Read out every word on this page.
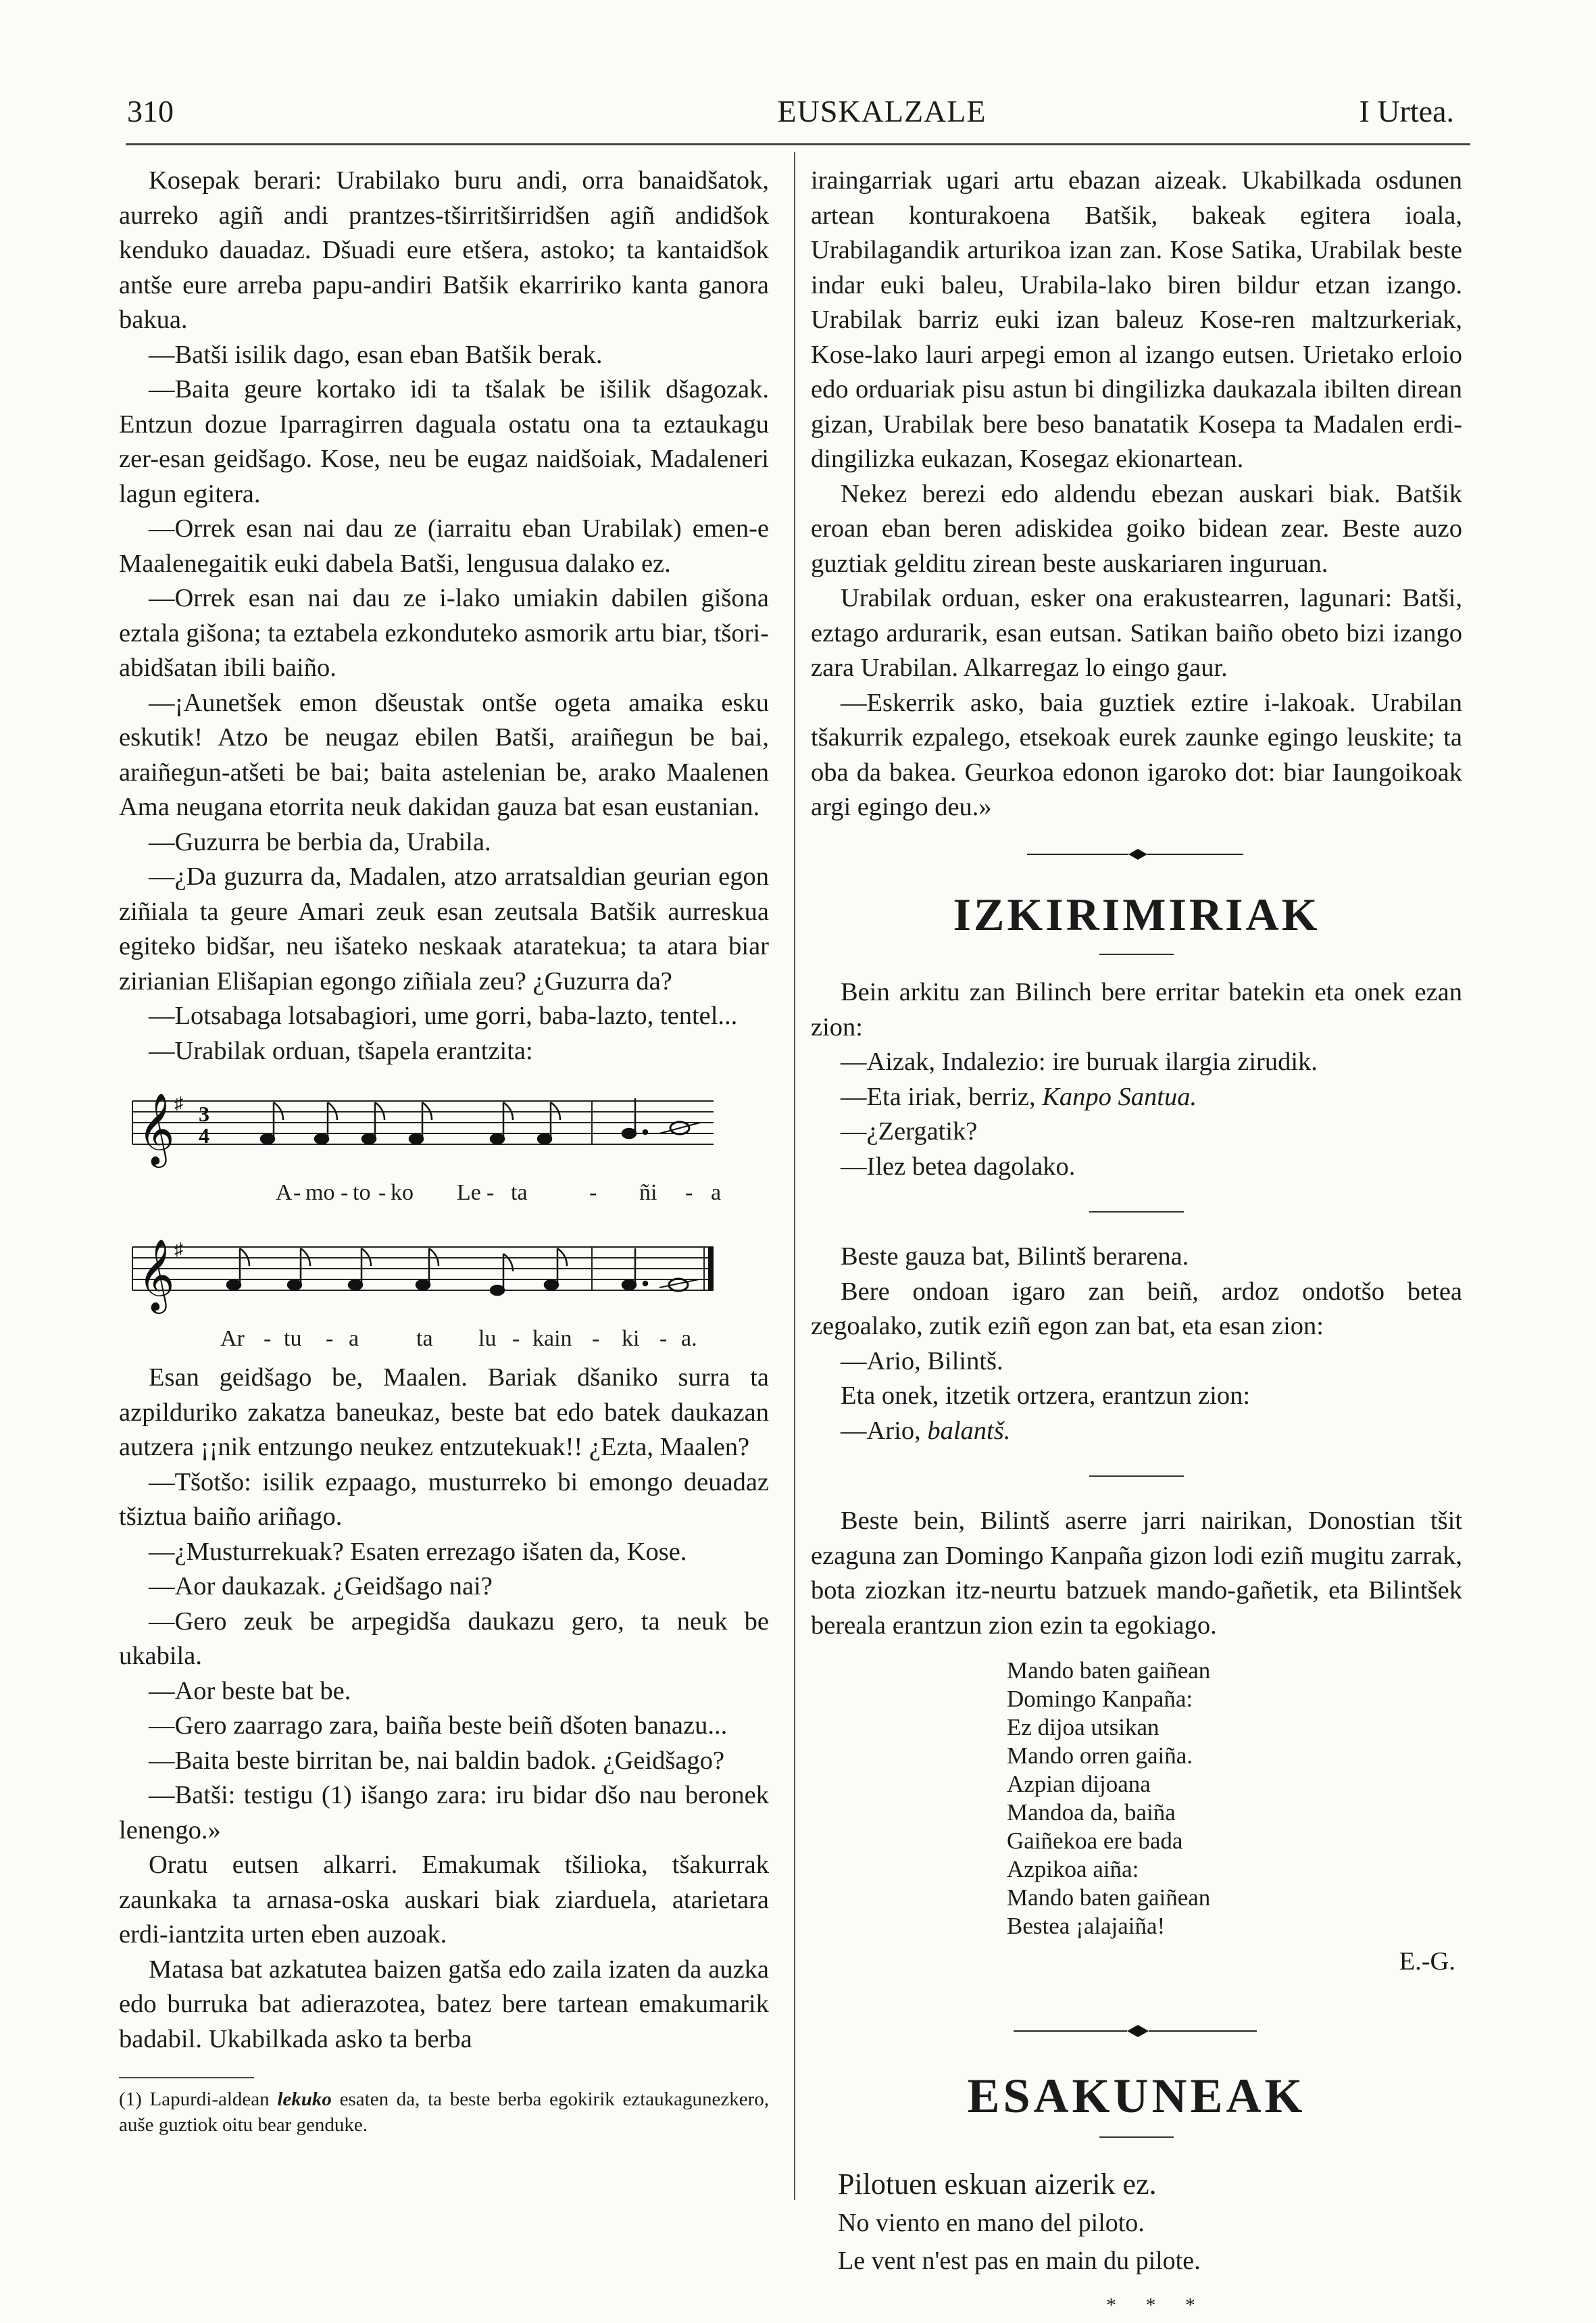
310	EUSKALZALE	I Urtea.

Kosepak berari: Urabilako buru andi, orra banaidšatok, aurreko agiñ andi prantzes-tširritširridšen agiñ andidšok kenduko dauadaz. Dšuadi eure etšera, astoko; ta kantaidšok antše eure arreba papu-andiri Batšik ekarririko kanta ganora bakua.

—Batši isilik dago, esan eban Batšik berak.

—Baita geure kortako idi ta tšalak be išilik dšagozak. Entzun dozue Iparragirren daguala ostatu ona ta eztaukagu zer-esan geidšago. Kose, neu be eugaz naidšoiak, Madaleneri lagun egitera.

—Orrek esan nai dau ze (iarraitu eban Urabilak) emen-e Maalenegaitik euki dabela Batši, lengusua dalako ez.

—Orrek esan nai dau ze i-lako umiakin dabilen gišona eztala gišona; ta eztabela ezkonduteko asmorik artu biar, tšori-abidšatan ibili baiño.

—¡Aunetšek emon dšeustak ontše ogeta amaika esku eskutik! Atzo be neugaz ebilen Batši, araiñegun be bai, araiñegun-atšeti be bai; baita astelenian be, arako Maalenen Ama neugana etorrita neuk dakidan gauza bat esan eustanian.

—Guzurra be berbia da, Urabila.

—¿Da guzurra da, Madalen, atzo arratsaldian geurian egon ziñiala ta geure Amari zeuk esan zeutsala Batšik aurreskua egiteko bidšar, neu išateko neskaak ataratekua; ta atara biar zirianian Elišapian egongo ziñiala zeu? ¿Guzurra da?

—Lotsabaga lotsabagiori, ume gorri, baba-lazto, tentel...

—Urabilak orduan, tšapela erantzita:

𝄞 ♯ 3
4
A - mo - to - ko Le - ta	- ñi - a
𝄞 ♯
Ar - tu - a ta lu - kain - ki - a.

Esan geidšago be, Maalen. Bariak dšaniko surra ta azpilduriko zakatza baneukaz, beste bat edo batek daukazan autzera ¡¡nik entzungo neukez entzutekuak!! ¿Ezta, Maalen?

—Tšotšo: isilik ezpaago, musturreko bi emongo deuadaz tšiztua baiño ariñago.

—¿Musturrekuak? Esaten errezago išaten da, Kose.

—Aor daukazak. ¿Geidšago nai?

—Gero zeuk be arpegidša daukazu gero, ta neuk be ukabila.

—Aor beste bat be.

—Gero zaarrago zara, baiña beste beiñ dšoten banazu...

—Baita beste birritan be, nai baldin badok. ¿Geidšago?

—Batši: testigu (1) išango zara: iru bidar dšo nau beronek lenengo.»

Oratu eutsen alkarri. Emakumak tšilioka, tšakurrak zaunkaka ta arnasa-oska auskari biak ziarduela, atarietara erdi-iantzita urten eben auzoak.

Matasa bat azkatutea baizen gatša edo zaila izaten da auzka edo burruka bat adierazotea, batez bere tartean emakumarik badabil. Ukabilkada asko ta berba

(1) Lapurdi-aldean lekuko esaten da, ta beste berba egokirik eztaukagunezkero, auše guztiok oitu bear genduke.

iraingarriak ugari artu ebazan aizeak. Ukabilkada osdunen artean konturakoena Batšik, bakeak egitera ioala, Urabilagandik arturikoa izan zan. Kose Satika, Urabilak beste indar euki baleu, Urabila-lako biren bildur etzan izango. Urabilak barriz euki izan baleuz Kose-ren maltzurkeriak, Kose-lako lauri arpegi emon al izango eutsen. Urietako erloio edo orduariak pisu astun bi dingilizka daukazala ibilten direan gizan, Urabilak bere beso banatatik Kosepa ta Madalen erdi-dingilizka eukazan, Kosegaz ekionartean.

Nekez berezi edo aldendu ebezan auskari biak. Batšik eroan eban beren adiskidea goiko bidean zear. Beste auzo guztiak gelditu zirean beste auskariaren inguruan.

Urabilak orduan, esker ona erakustearren, lagunari: Batši, eztago ardurarik, esan eutsan. Satikan baiño obeto bizi izango zara Urabilan. Alkarregaz lo eingo gaur.

—Eskerrik asko, baia guztiek eztire i-lakoak. Urabilan tšakurrik ezpalego, etsekoak eurek zaunke egingo leuskite; ta oba da bakea. Geurkoa edonon igaroko dot: biar Iaungoikoak argi egingo deu.»

IZKIRIMIRIAK

Bein arkitu zan Bilinch bere erritar batekin eta onek ezan zion:

—Aizak, Indalezio: ire buruak ilargia zirudik.

—Eta iriak, berriz, Kanpo Santua.

—¿Zergatik?

—Ilez betea dagolako.

Beste gauza bat, Bilintš berarena.

Bere ondoan igaro zan beiñ, ardoz ondotšo betea zegoalako, zutik eziñ egon zan bat, eta esan zion:

—Ario, Bilintš.

Eta onek, itzetik ortzera, erantzun zion:

—Ario, balantš.

Beste bein, Bilintš aserre jarri nairikan, Donostian tšit ezaguna zan Domingo Kanpaña gizon lodi eziñ mugitu zarrak, bota ziozkan itz-neurtu batzuek mando-gañetik, eta Bilintšek bereala erantzun zion ezin ta egokiago.

Mando baten gaiñean
Domingo Kanpaña:
Ez dijoa utsikan
Mando orren gaiña.
Azpian dijoana
Mandoa da, baiña
Gaiñekoa ere bada
Azpikoa aiña:
Mando baten gaiñean
Bestea ¡alajaiña!
E.-G.
ESAKUNEAK
Pilotuen eskuan aizerik ez.
No viento en mano del piloto.
Le vent n'est pas en main du pilote.
* * *
